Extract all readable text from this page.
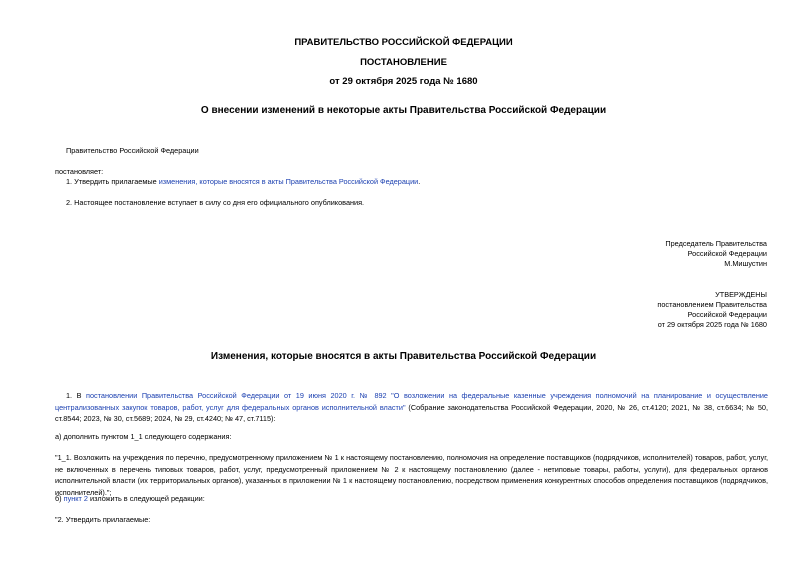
ПРАВИТЕЛЬСТВО РОССИЙСКОЙ ФЕДЕРАЦИИ
ПОСТАНОВЛЕНИЕ
от 29 октября 2025 года № 1680
О внесении изменений в некоторые акты Правительства Российской Федерации
Правительство Российской Федерации
постановляет:
1. Утвердить прилагаемые изменения, которые вносятся в акты Правительства Российской Федерации.
2. Настоящее постановление вступает в силу со дня его официального опубликования.
Председатель Правительства
Российской Федерации
М.Мишустин
УТВЕРЖДЕНЫ
постановлением Правительства
Российской Федерации
от 29 октября 2025 года № 1680
Изменения, которые вносятся в акты Правительства Российской Федерации
1. В постановлении Правительства Российской Федерации от 19 июня 2020 г. № 892 "О возложении на федеральные казенные учреждения полномочий на планирование и осуществление централизованных закупок товаров, работ, услуг для федеральных органов исполнительной власти" (Собрание законодательства Российской Федерации, 2020, № 26, ст.4120; 2021, № 38, ст.6634; № 50, ст.8544; 2023, № 30, ст.5689; 2024, № 29, ст.4240; № 47, ст.7115):
а) дополнить пунктом 1_1 следующего содержания:
"1_1. Возложить на учреждения по перечню, предусмотренному приложением № 1 к настоящему постановлению, полномочия на определение поставщиков (подрядчиков, исполнителей) товаров, работ, услуг, не включенных в перечень типовых товаров, работ, услуг, предусмотренный приложением № 2 к настоящему постановлению (далее - нетиповые товары, работы, услуги), для федеральных органов исполнительной власти (их территориальных органов), указанных в приложении № 1 к настоящему постановлению, посредством применения конкурентных способов определения поставщиков (подрядчиков, исполнителей).";
б) пункт 2 изложить в следующей редакции:
"2. Утвердить прилагаемые:
